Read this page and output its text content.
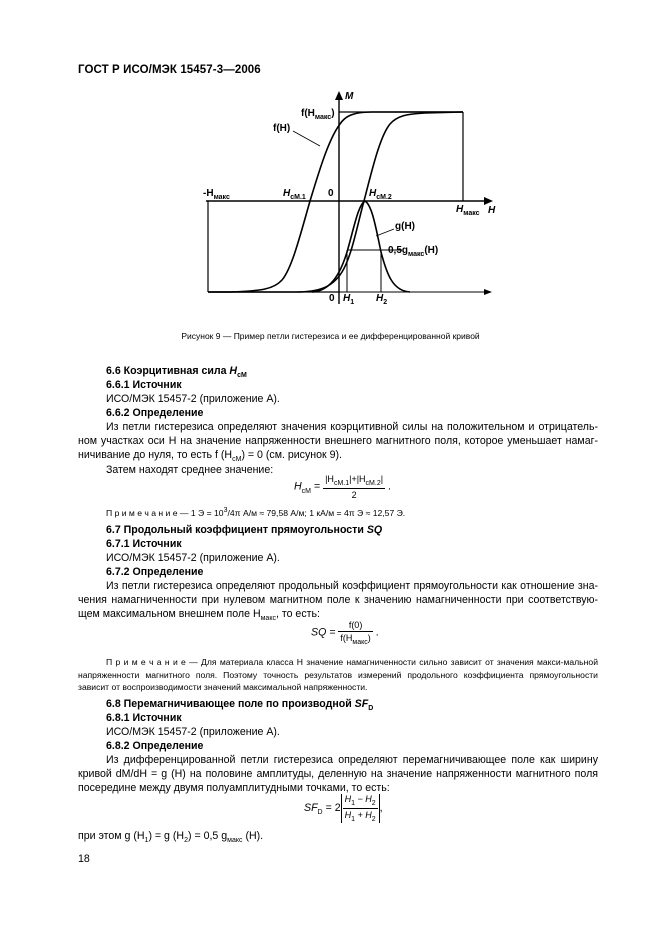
ГОСТ Р ИСО/МЭК 15457-3—2006
M
H
$f(H_{макс})$
f(H)
$-H_{макс}$	$H_{cM.1}$ 0	$H_{cM.2}$
$H_{макс}$
g(H)
$0,5g_{макс}(H)$
0 $H_1$ $H_2$
Рисунок 9 — Пример петли гистерезиса и ее дифференцированной кривой
6.6 Коэрцитивная сила $H_{cM}$
6.6.1 Источник
ИСО/МЭК 15457-2 (приложение А).
6.6.2 Определение
Из петли гистерезиса определяют значения коэрцитивной силы на положительном и отрицатель-ном участках оси H на значение напряженности внешнего магнитного поля, которое уменьшает намаг-ничивание до нуля, то есть f $(H_{cM}) = 0$ (см. рисунок 9).
Затем находят среднее значение:
$H_{cM} = \frac{|H_{cM.1}|+|H_{cM.2}|}{2}$ .
П р и м е ч а н и е — 1 $Э = 10^3/4\pi$ А/м ≈ 79,58 А/м; 1 кА/м = 4π Э ≈ 12,57 Э.
6.7 Продольный коэффициент прямоугольности SQ
6.7.1 Источник
ИСО/МЭК 15457-2 (приложение А).
6.7.2 Определение
Из петли гистерезиса определяют продольный коэффициент прямоугольности как отношение зна-чения намагниченности при нулевом магнитном поле к значению намагниченности при соответствую-щем максимальном внешнем поле $H_{макс}$, то есть:
SQ = $\frac{f(0)}{f(H_{макс})}$ .
П р и м е ч а н и е — Для материала класса H значение намагниченности сильно зависит от значения макси-мальной напряженности магнитного поля. Поэтому точность результатов измерений продольного коэффициента прямоугольности зависит от воспроизводимости значений максимальной напряженности.
6.8 Перемагничивающее поле по производной $SF_D$
6.8.1 Источник
ИСО/МЭК 15457-2 (приложение А).
6.8.2 Определение
Из дифференцированной петли гистерезиса определяют перемагничивающее поле как ширину кривой dM/dH = g (H) на половине амплитуды, деленную на значение напряженности магнитного поля посередине между двумя полуамплитудными точками, то есть:
$SF_D = 2 \frac{H_1 - H_2}{H_1 + H_2}$ ,
при этом g $(H_1) = g$ $(H_2) = 0,5$ $g_{макс}$ (H).
18
